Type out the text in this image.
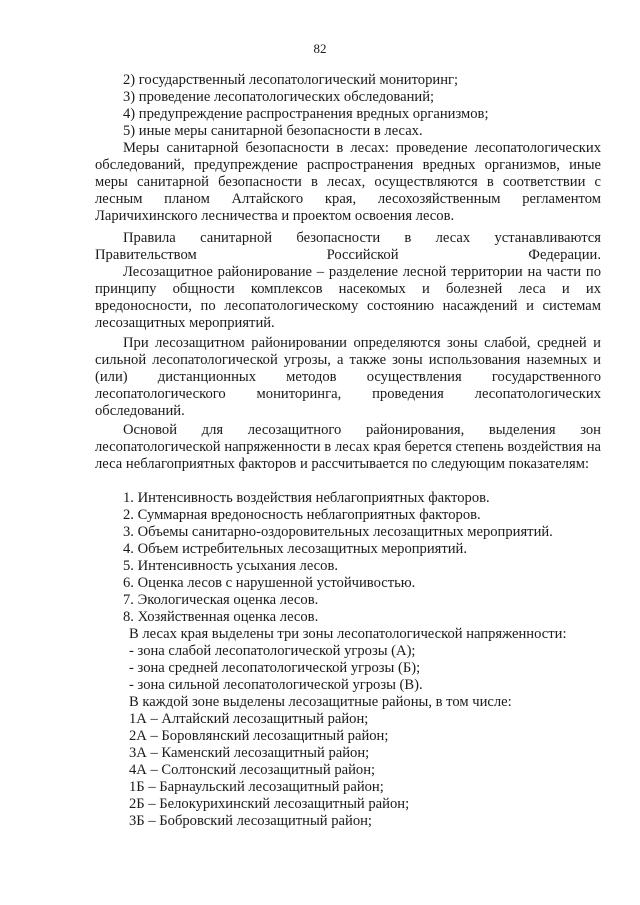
82
2) государственный лесопатологический мониторинг;
3) проведение лесопатологических обследований;
4) предупреждение распространения вредных организмов;
5) иные меры санитарной безопасности в лесах.
Меры санитарной безопасности в лесах: проведение лесопатологических обследований, предупреждение распространения вредных организмов, иные меры санитарной безопасности в лесах, осуществляются в соответствии с лесным планом Алтайского края, лесохозяйственным регламентом Ларичихинского лесничества и проектом освоения лесов.
Правила санитарной безопасности в лесах устанавливаются Правительством Российской Федерации.
Лесозащитное районирование – разделение лесной территории на части по принципу общности комплексов насекомых и болезней леса и их вредоносности, по лесопатологическому состоянию насаждений и системам лесозащитных мероприятий.
При лесозащитном районировании определяются зоны слабой, средней и сильной лесопатологической угрозы, а также зоны использования наземных и (или) дистанционных методов осуществления государственного лесопатологического мониторинга, проведения лесопатологических обследований.
Основой для лесозащитного районирования, выделения зон лесопатологической напряженности в лесах края берется степень воздействия на леса неблагоприятных факторов и рассчитывается по следующим показателям:
1. Интенсивность воздействия неблагоприятных факторов.
2. Суммарная вредоносность неблагоприятных факторов.
3. Объемы санитарно-оздоровительных лесозащитных мероприятий.
4. Объем истребительных лесозащитных мероприятий.
5. Интенсивность усыхания лесов.
6. Оценка лесов с нарушенной устойчивостью.
7. Экологическая оценка лесов.
8. Хозяйственная оценка лесов.
В лесах края выделены три зоны лесопатологической напряженности:
- зона слабой лесопатологической угрозы (А);
- зона средней лесопатологической угрозы (Б);
- зона сильной лесопатологической угрозы (В).
В каждой зоне выделены лесозащитные районы, в том числе:
1А – Алтайский лесозащитный район;
2А – Боровлянский лесозащитный район;
3А – Каменский лесозащитный район;
4А – Солтонский лесозащитный район;
1Б – Барнаульский лесозащитный район;
2Б – Белокурихинский лесозащитный район;
3Б – Бобровский лесозащитный район;
